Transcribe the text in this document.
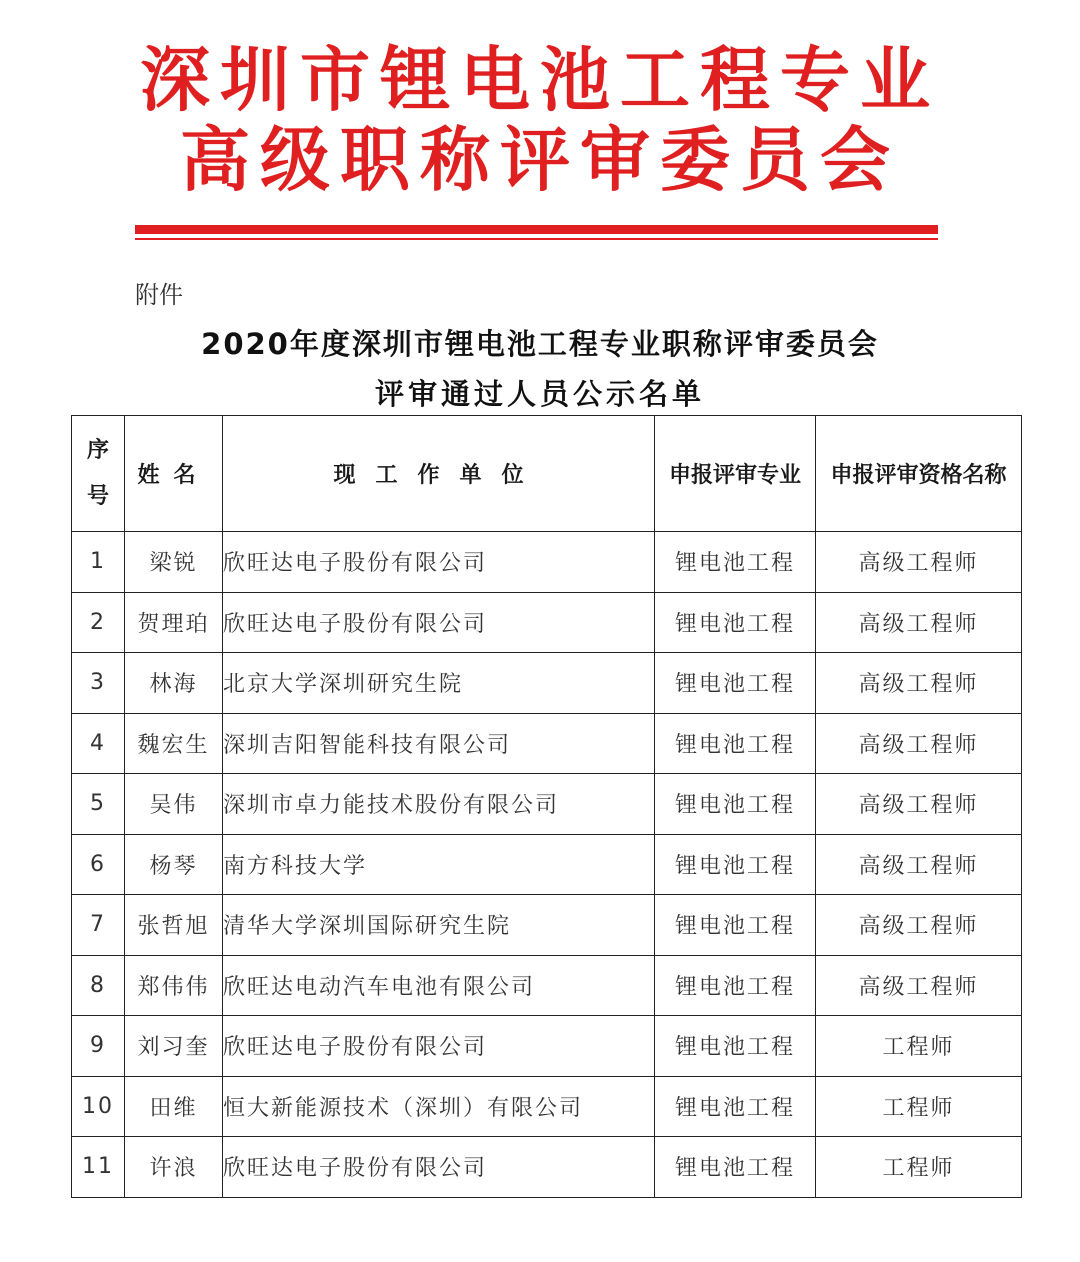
深圳市锂电池工程专业
高级职称评审委员会
附件
2020年度深圳市锂电池工程专业职称评审委员会
评审通过人员公示名单
序
号	姓名	现工作单位	申报评审专业	申报评审资格名称
1	梁锐	欣旺达电子股份有限公司	锂电池工程	高级工程师
2	贺理珀	欣旺达电子股份有限公司	锂电池工程	高级工程师
3	林海	北京大学深圳研究生院	锂电池工程	高级工程师
4	魏宏生	深圳吉阳智能科技有限公司	锂电池工程	高级工程师
5	吴伟	深圳市卓力能技术股份有限公司	锂电池工程	高级工程师
6	杨琴	南方科技大学	锂电池工程	高级工程师
7	张哲旭	清华大学深圳国际研究生院	锂电池工程	高级工程师
8	郑伟伟	欣旺达电动汽车电池有限公司	锂电池工程	高级工程师
9	刘习奎	欣旺达电子股份有限公司	锂电池工程	工程师
10	田维	恒大新能源技术（深圳）有限公司	锂电池工程	工程师
11	许浪	欣旺达电子股份有限公司	锂电池工程	工程师
